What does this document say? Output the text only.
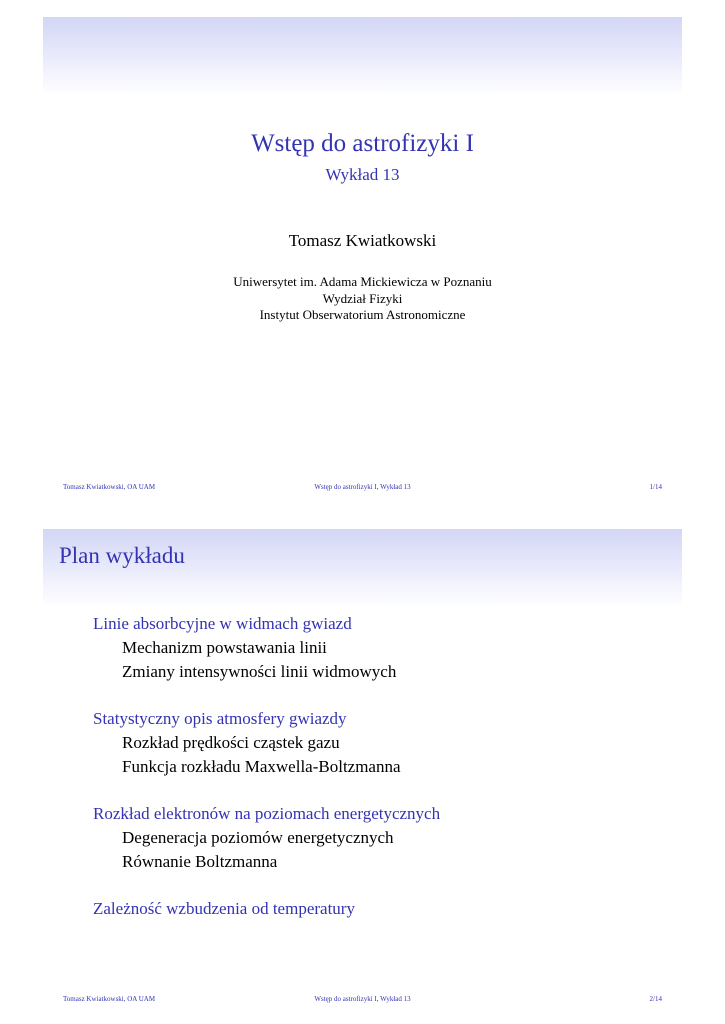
Wstęp do astrofizyki I
Wykład 13
Tomasz Kwiatkowski
Uniwersytet im. Adama Mickiewicza w Poznaniu
Wydział Fizyki
Instytut Obserwatorium Astronomiczne
Tomasz Kwiatkowski, OA UAM	Wstęp do astrofizyki I, Wykład 13	1/14
Plan wykładu
Linie absorbcyjne w widmach gwiazd
Mechanizm powstawania linii
Zmiany intensywności linii widmowych
Statystyczny opis atmosfery gwiazdy
Rozkład prędkości cząstek gazu
Funkcja rozkładu Maxwella-Boltzmanna
Rozkład elektronów na poziomach energetycznych
Degeneracja poziomów energetycznych
Równanie Boltzmanna
Zależność wzbudzenia od temperatury
Tomasz Kwiatkowski, OA UAM	Wstęp do astrofizyki I, Wykład 13	2/14
